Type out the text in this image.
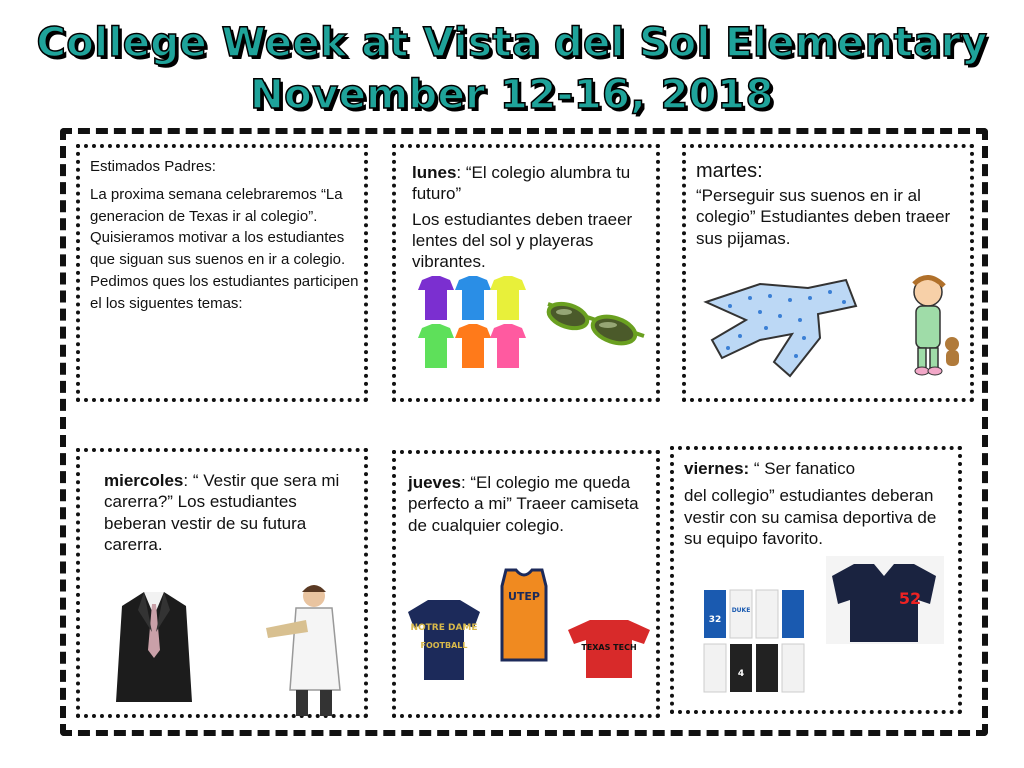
College Week at Vista del Sol Elementary
November 12-16, 2018

Estimados Padres:

La proxima semana celebraremos “La generacion de Texas ir al colegio”. Quisieramos motivar a los estudiantes que siguan sus suenos en ir a colegio. Pedimos ques los estudiantes participen el los siguentes temas:

lunes: “El colegio alumbra tu futuro”

Los estudiantes deben traeer lentes del sol y playeras vibrantes.

martes:

“Perseguir sus suenos en ir al colegio” Estudiantes deben traeer sus pijamas.

miercoles: “ Vestir que sera mi carerra?” Los estudiantes beberan vestir de su futura carerra.

jueves: “El colegio me queda perfecto a mi” Traeer camiseta de cualquier colegio.

NOTRE DAME
FOOTBALL
UTEP
TEXAS TECH

viernes: “ Ser fanatico

del collegio” estudiantes deberan vestir con su camisa deportiva de su equipo favorito.

32
DUKE
4
52
